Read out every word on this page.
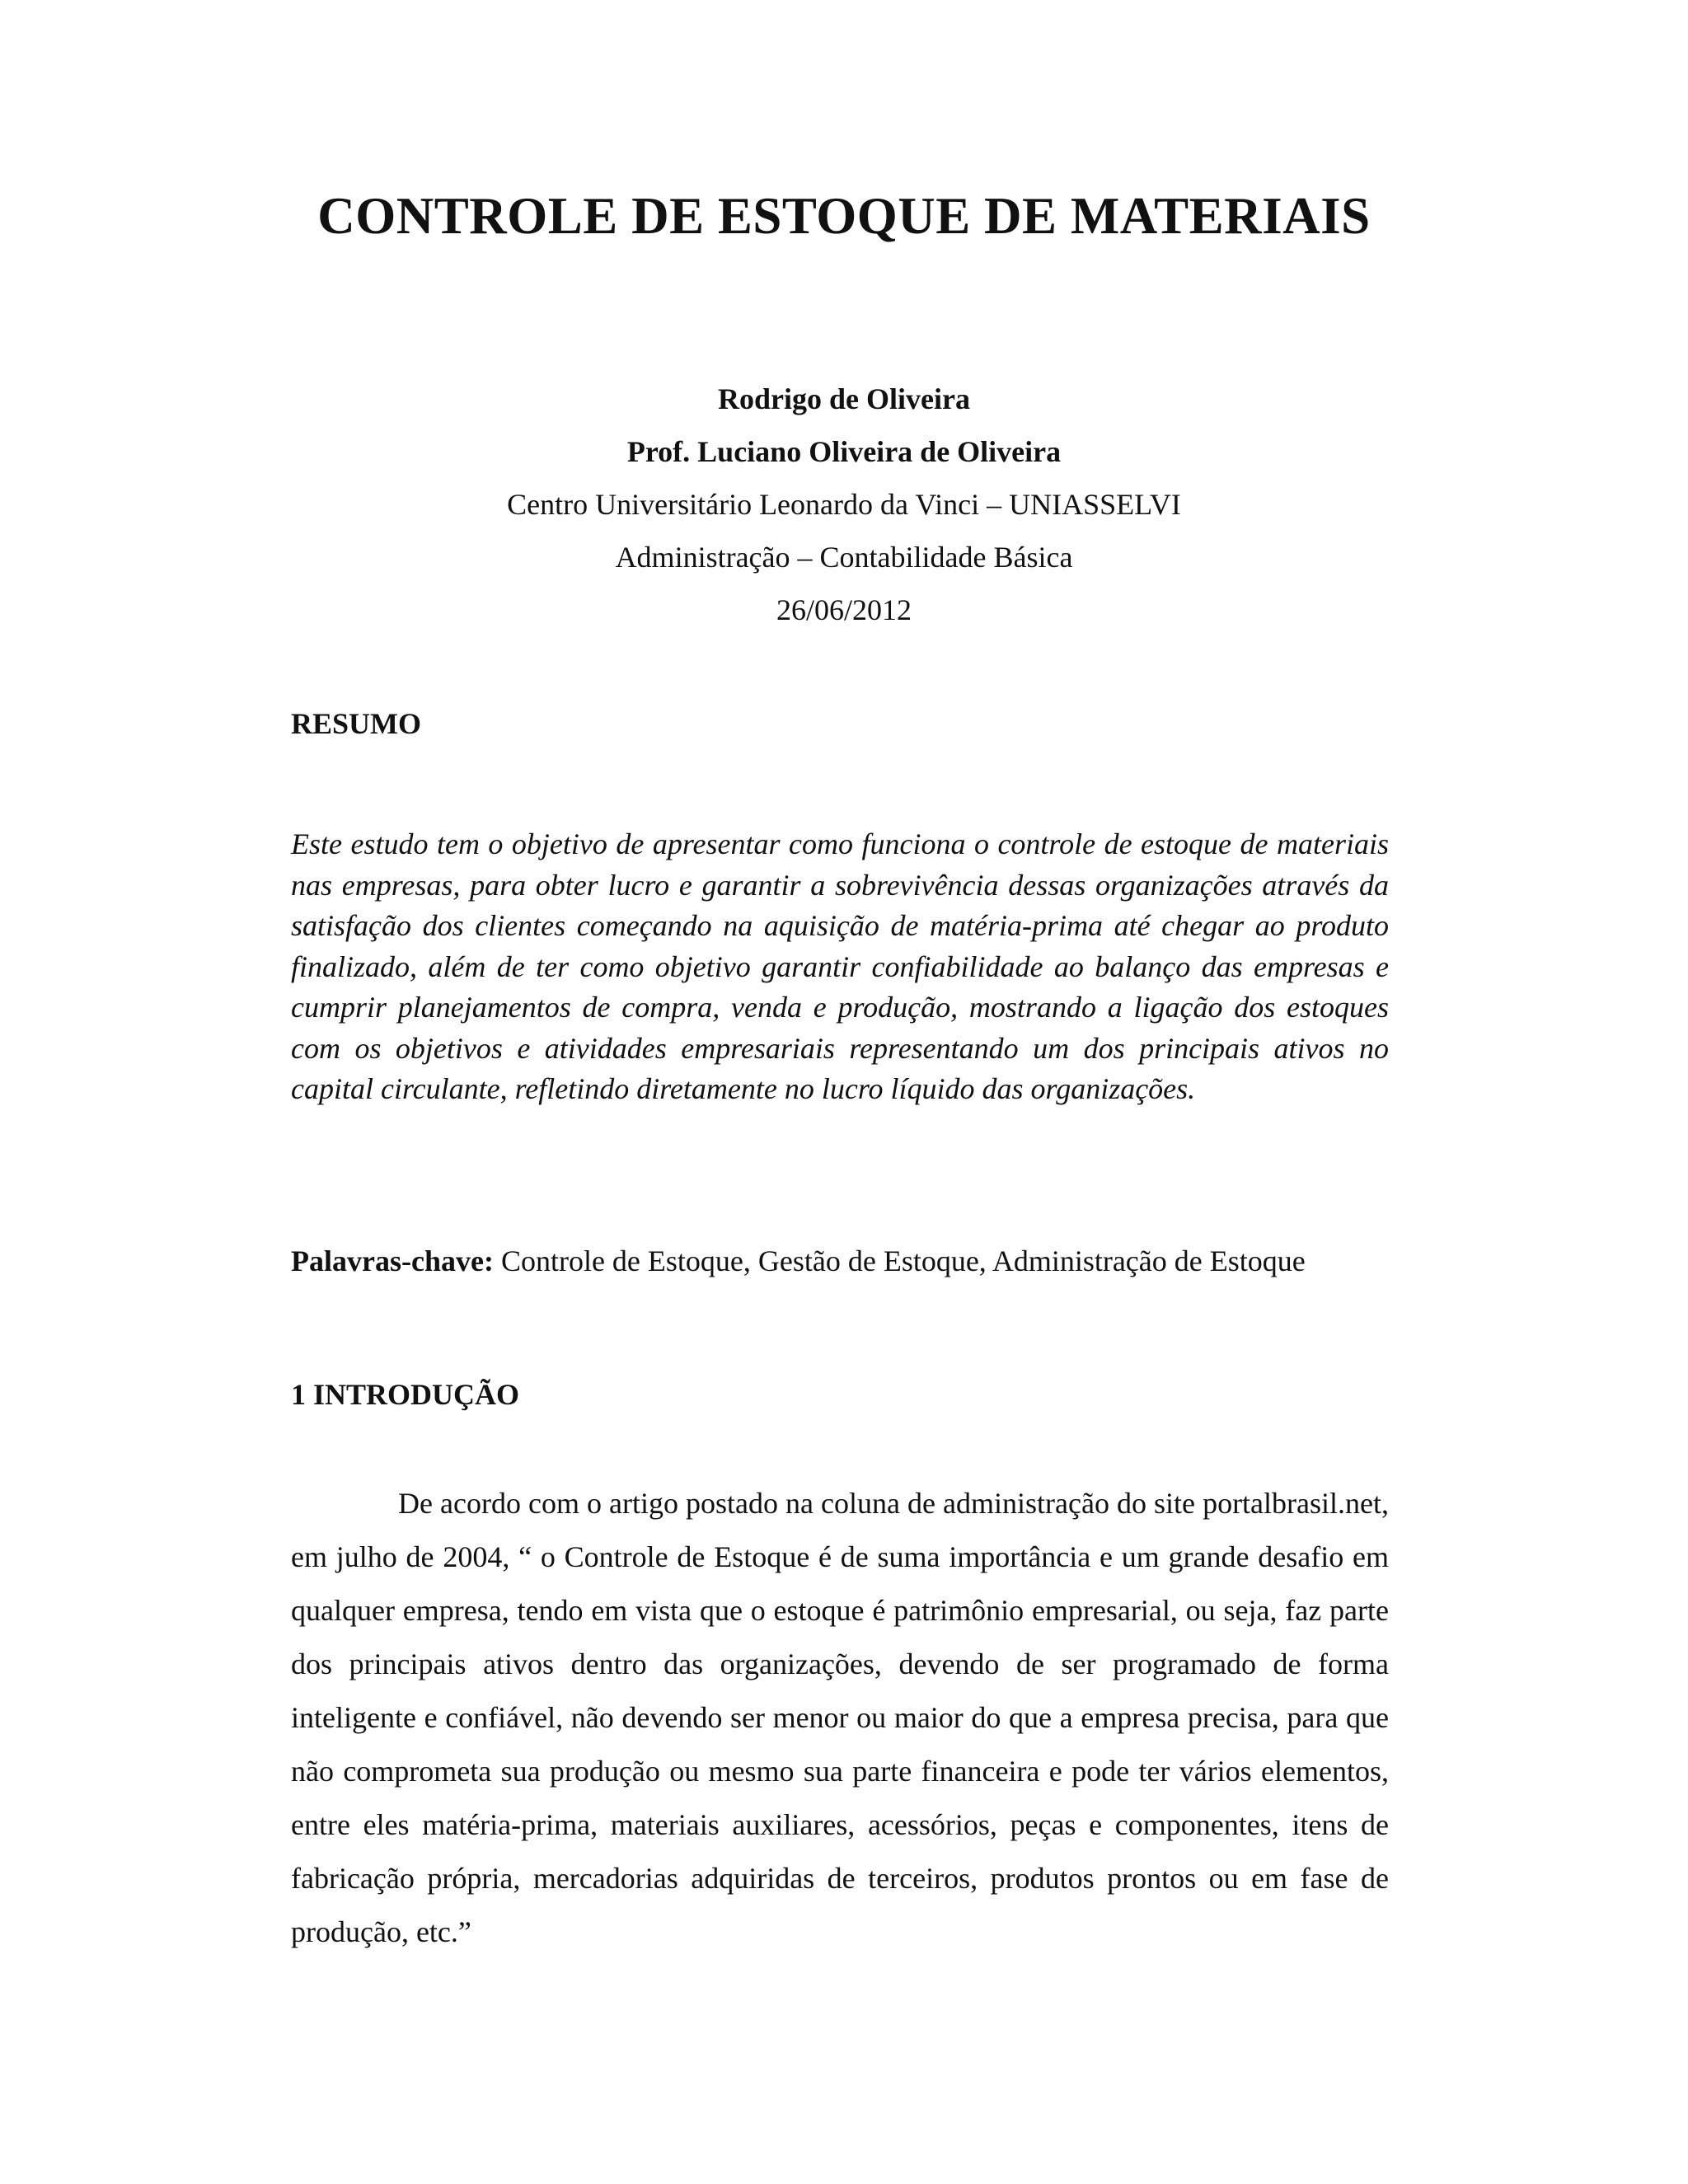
CONTROLE DE ESTOQUE DE MATERIAIS
Rodrigo de Oliveira
Prof. Luciano Oliveira de Oliveira
Centro Universitário Leonardo da Vinci – UNIASSELVI
Administração – Contabilidade Básica
26/06/2012
RESUMO

Este estudo tem o objetivo de apresentar como funciona o controle de estoque de materiais nas empresas, para obter lucro e garantir a sobrevivência dessas organizações através da satisfação dos clientes começando na aquisição de matéria-prima até chegar ao produto finalizado, além de ter como objetivo garantir confiabilidade ao balanço das empresas e cumprir planejamentos de compra, venda e produção, mostrando a ligação dos estoques com os objetivos e atividades empresariais representando um dos principais ativos no capital circulante, refletindo diretamente no lucro líquido das organizações.

Palavras-chave: Controle de Estoque, Gestão de Estoque, Administração de Estoque

1 INTRODUÇÃO

De acordo com o artigo postado na coluna de administração do site portalbrasil.net, em julho de 2004, “ o Controle de Estoque é de suma importância e um grande desafio em qualquer empresa, tendo em vista que o estoque é patrimônio empresarial, ou seja, faz parte dos principais ativos dentro das organizações, devendo de ser programado de forma inteligente e confiável, não devendo ser menor ou maior do que a empresa precisa, para que não comprometa sua produção ou mesmo sua parte financeira e pode ter vários elementos, entre eles matéria-prima, materiais auxiliares, acessórios, peças e componentes, itens de fabricação própria, mercadorias adquiridas de terceiros, produtos prontos ou em fase de produção, etc.”
